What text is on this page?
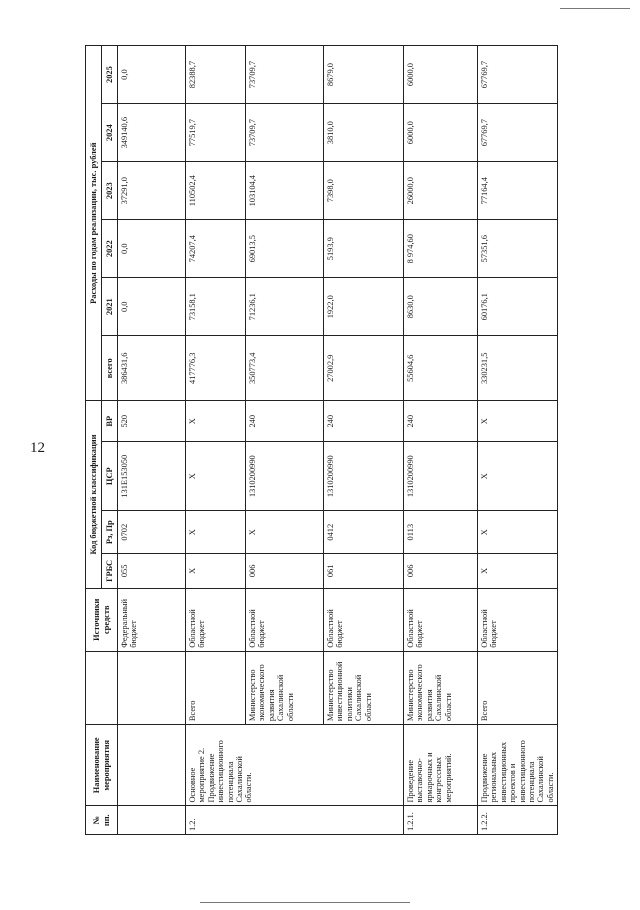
12
№ пп.	Наименование мероприятия		Источники средств	Код бюджетной классификации				Расходы по годам реализации, тыс. рублей					
				ГРБС	Рз, Пр	ЦСР	ВР	всего	2021	2022	2023	2024	2025
			Федеральный бюджет	055	0702	131E153050	520	386431,6	0,0	0,0	37291,0	349140,6	0,0
1.2.	Основное мероприятие 2. Продвижение инвестиционного потенциала Сахалинской области.	Всего	Областной бюджет	X	X	X	X	417776,3	73158,1	74207,4	110502,4	77519,7	82388,7
		Министерство экономического развития Сахалинской области	Областной бюджет	006	X	1310200990	240	350773,4	71236,1	69013,5	103104,4	73709,7	73709,7
		Министерство инвестиционной политики Сахалинской области	Областной бюджет	061	0412	1310200990	240	27002,9	1922,0	5193,9	7398,0	3810,0	8679,0
1.2.1.	Проведение выставочно-ярмарочных и конгрессных мероприятий.	Министерство экономического развития Сахалинской области	Областной бюджет	006	0113	1310200990	240	55604,6	8630,0	8 974,60	26000,0	6000,0	6000,0
1.2.2.	Продвижение региональных инвестиционных проектов и инвестиционного потенциала Сахалинской области.	Всего	Областной бюджет	X	X	X	X	330231,5	60176,1	57351,6	77164,4	67769,7	67769,7
